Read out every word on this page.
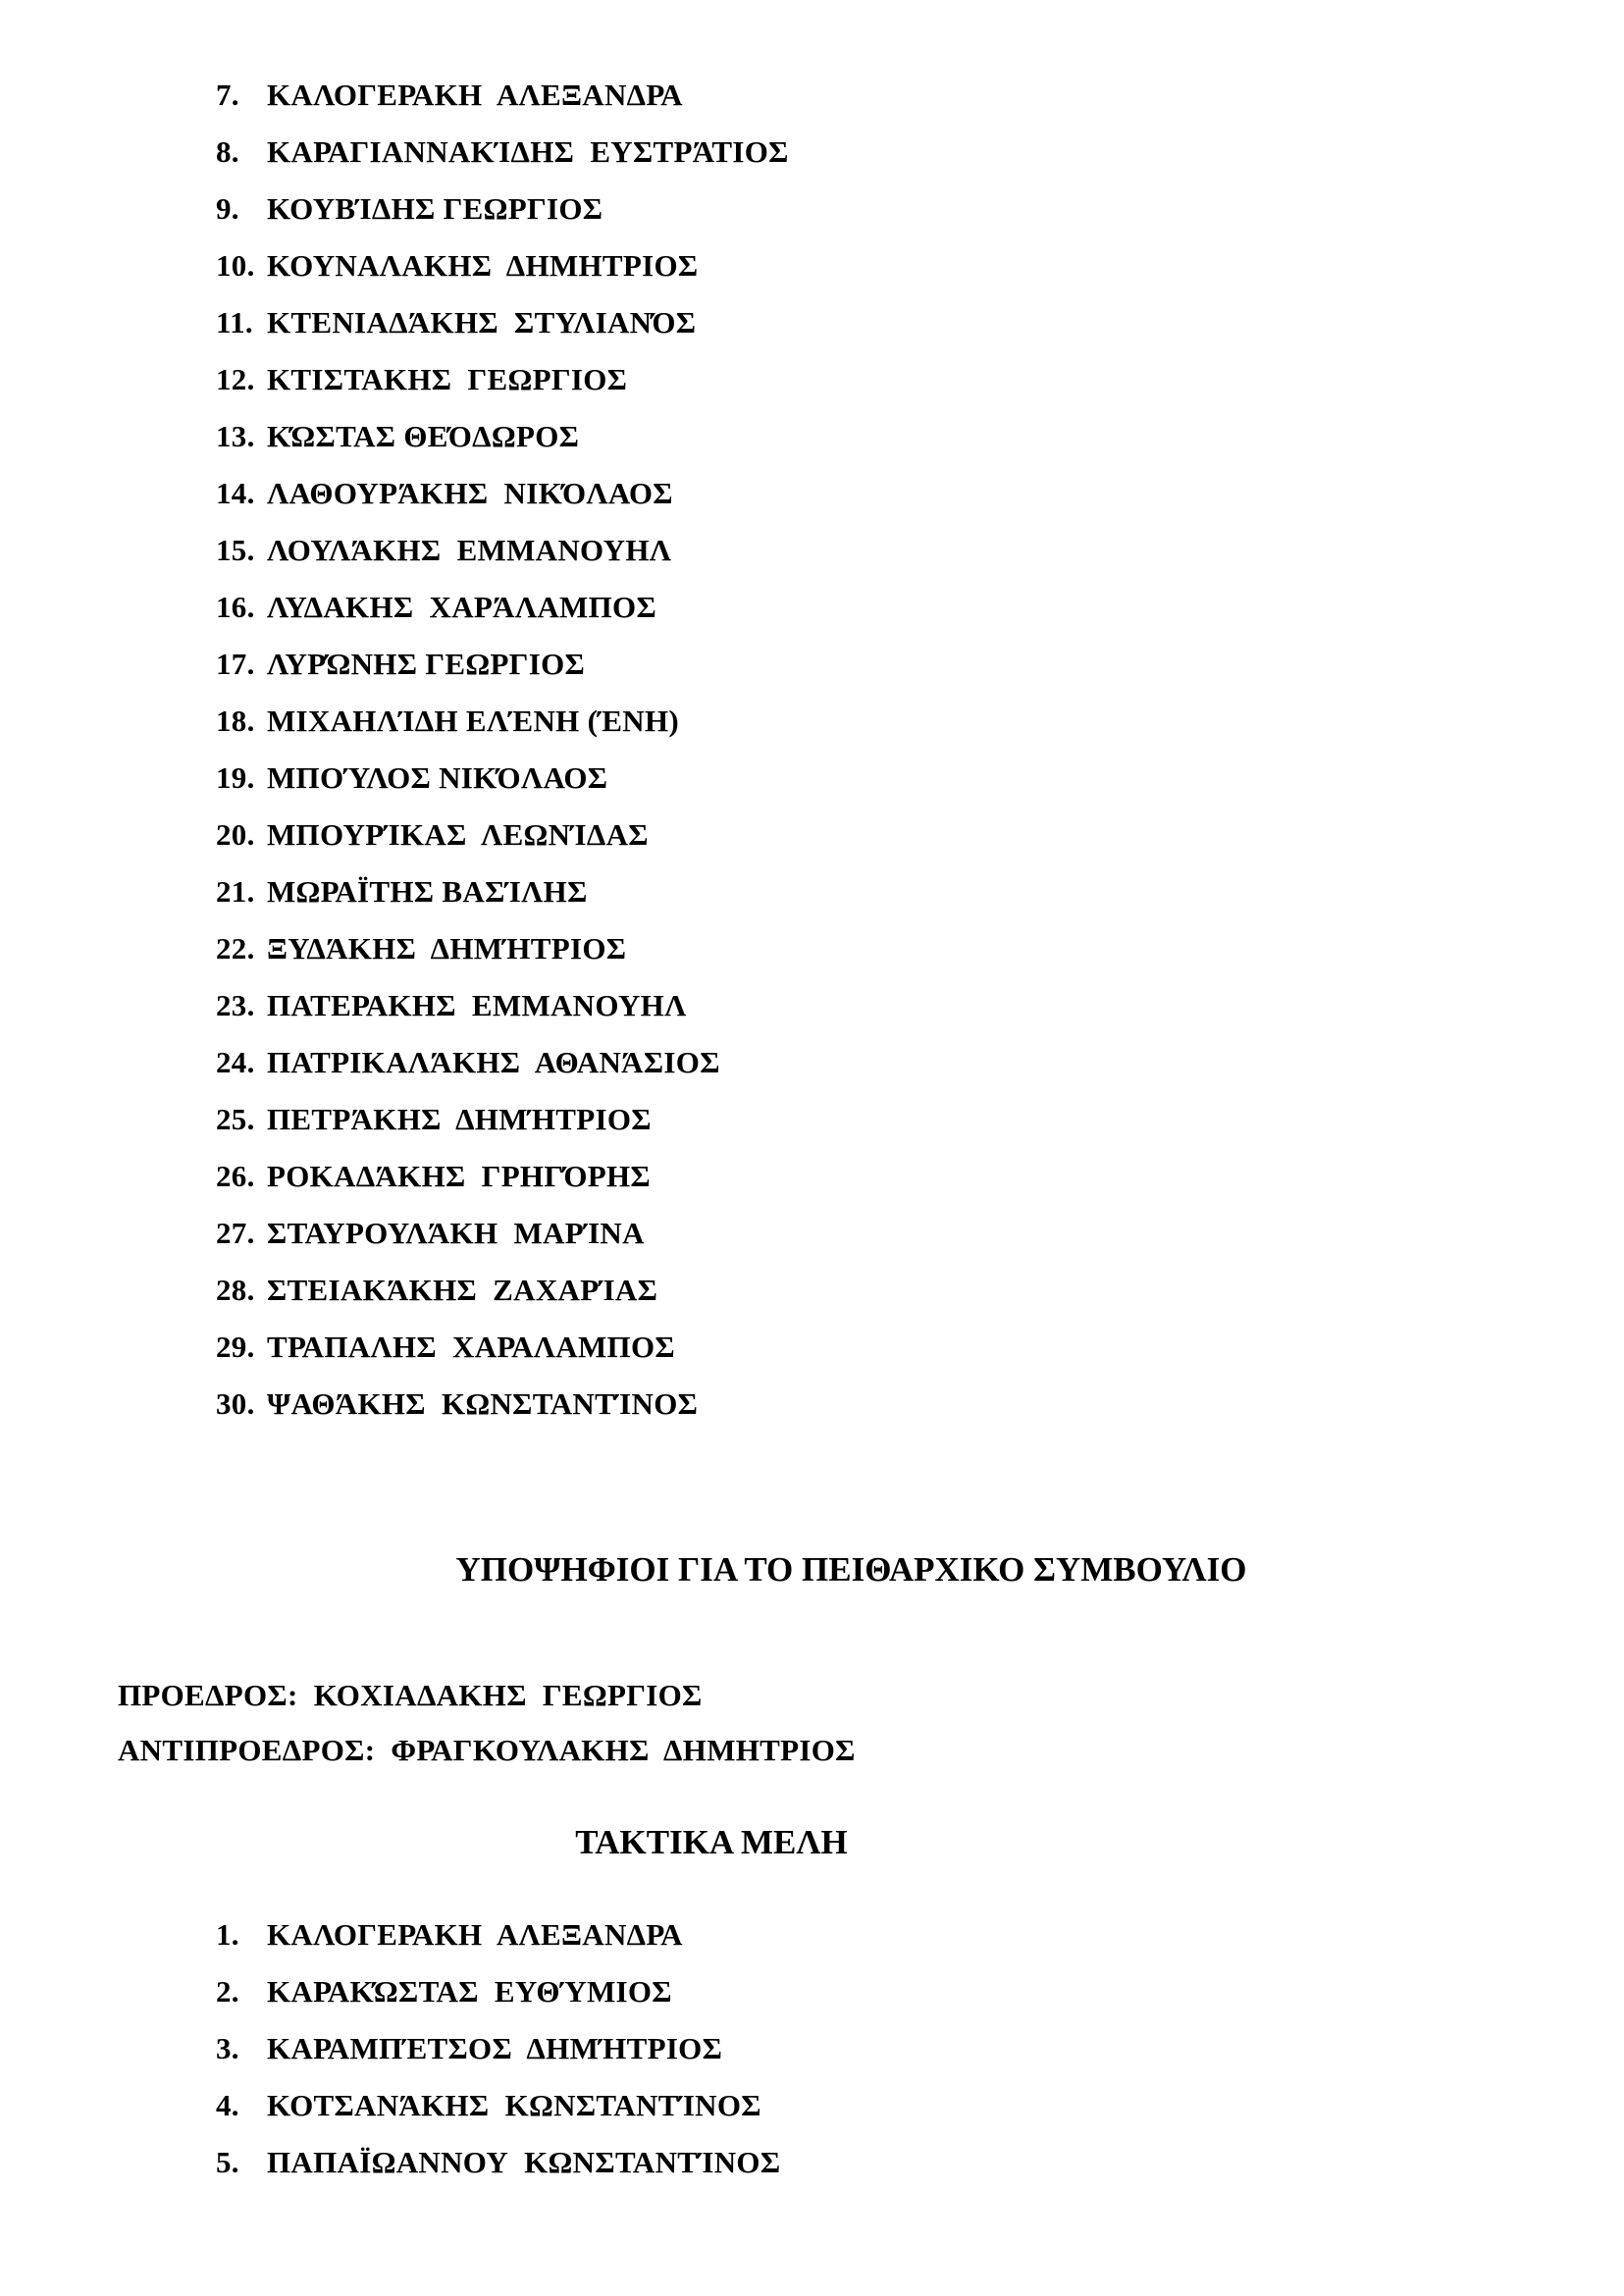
7. ΚΑΛΟΓΕΡΑΚΗ  ΑΛΕΞΑΝΔΡΑ
8. ΚΑΡΑΓΙΑΝΝΑΚΊΔΗΣ  ΕΥΣΤΡΆΤΙΟΣ
9. ΚΟΥΒΊΔΗΣ ΓΕΩΡΓΙΟΣ
10. ΚΟΥΝΑΛΑΚΗΣ  ΔΗΜΗΤΡΙΟΣ
11. ΚΤΕΝΙΑΔΆΚΗΣ  ΣΤΥΛΙΑΝΌΣ
12. ΚΤΙΣΤΑΚΗΣ  ΓΕΩΡΓΙΟΣ
13. ΚΏΣΤΑΣ ΘΕΌΔΩΡΟΣ
14. ΛΑΘΟΥΡΆΚΗΣ  ΝΙΚΌΛΑΟΣ
15. ΛΟΥΛΆΚΗΣ  ΕΜΜΑΝΟΥΗΛ
16. ΛΥΔΑΚΗΣ  ΧΑΡΆΛΑΜΠΟΣ
17. ΛΥΡΏΝΗΣ ΓΕΩΡΓΙΟΣ
18. ΜΙΧΑΗΛΊΔΗ ΕΛΈΝΗ (ΈΝΗ)
19. ΜΠΟΎΛΟΣ ΝΙΚΌΛΑΟΣ
20. ΜΠΟΥΡΊΚΑΣ  ΛΕΩΝΊΔΑΣ
21. ΜΩΡΑΪΤΗΣ ΒΑΣΊΛΗΣ
22. ΞΥΔΆΚΗΣ  ΔΗΜΉΤΡΙΟΣ
23. ΠΑΤΕΡΑΚΗΣ  ΕΜΜΑΝΟΥΗΛ
24. ΠΑΤΡΙΚΑΛΆΚΗΣ  ΑΘΑΝΆΣΙΟΣ
25. ΠΕΤΡΆΚΗΣ  ΔΗΜΉΤΡΙΟΣ
26. ΡΟΚΑΔΆΚΗΣ  ΓΡΗΓΌΡΗΣ
27. ΣΤΑΥΡΟΥΛΆΚΗ  ΜΑΡΊΝΑ
28. ΣΤΕΙΑΚΆΚΗΣ  ΖΑΧΑΡΊΑΣ
29. ΤΡΑΠΑΛΗΣ  ΧΑΡΑΛΑΜΠΟΣ
30. ΨΑΘΆΚΗΣ  ΚΩΝΣΤΑΝΤΊΝΟΣ
ΥΠΟΨΗΦΙΟΙ ΓΙΑ ΤΟ ΠΕΙΘΑΡΧΙΚΟ ΣΥΜΒΟΥΛΙΟ
ΠΡΟΕΔΡΟΣ:  ΚΟΧΙΑΔΑΚΗΣ  ΓΕΩΡΓΙΟΣ
ΑΝΤΙΠΡΟΕΔΡΟΣ:  ΦΡΑΓΚΟΥΛΑΚΗΣ  ΔΗΜΗΤΡΙΟΣ
ΤΑΚΤΙΚΑ ΜΕΛΗ
1. ΚΑΛΟΓΕΡΑΚΗ  ΑΛΕΞΑΝΔΡΑ
2. ΚΑΡΑΚΏΣΤΑΣ  ΕΥΘΎΜΙΟΣ
3. ΚΑΡΑΜΠΈΤΣΟΣ  ΔΗΜΉΤΡΙΟΣ
4. ΚΟΤΣΑΝΆΚΗΣ  ΚΩΝΣΤΑΝΤΊΝΟΣ
5. ΠΑΠΑΪΩΑΝΝΟΥ  ΚΩΝΣΤΑΝΤΊΝΟΣ
